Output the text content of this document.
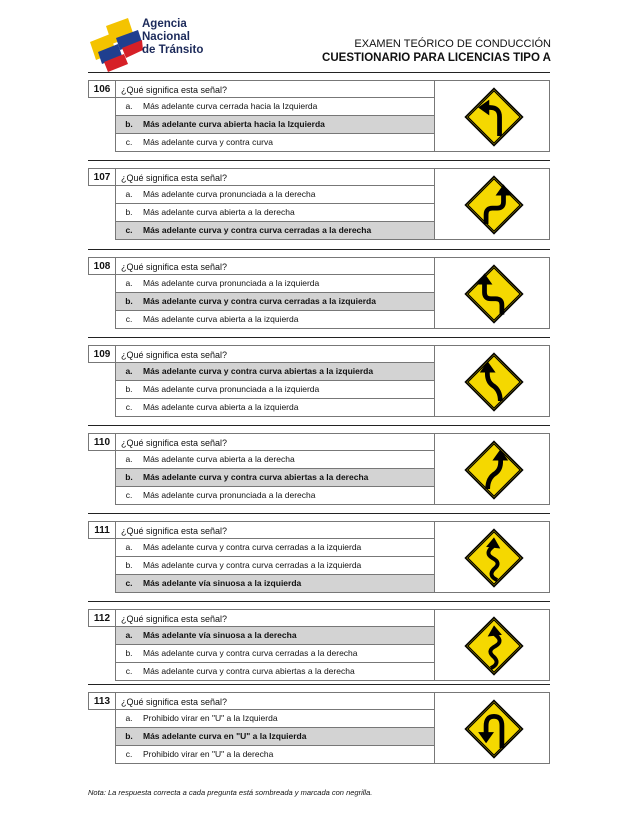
Agencia
Nacional
de Tránsito	EXAMEN TEÓRICO DE CONDUCCIÓN
CUESTIONARIO PARA LICENCIAS TIPO A
106	¿Qué significa esta señal?
a.	Más adelante curva cerrada hacia la Izquierda
b.	Más adelante curva abierta hacia la Izquierda
c.	Más adelante curva y contra curva
107	¿Qué significa esta señal?
a.	Más adelante curva pronunciada a la derecha
b.	Más adelante curva abierta a la derecha
c.	Más adelante curva y contra curva cerradas a la derecha
108	¿Qué significa esta señal?
a.	Más adelante curva pronunciada a la izquierda
b.	Más adelante curva y contra curva cerradas a la izquierda
c.	Más adelante curva abierta a la izquierda
109	¿Qué significa esta señal?
a.	Más adelante curva y contra curva abiertas a la izquierda
b.	Más adelante curva pronunciada a la izquierda
c.	Más adelante curva abierta a la izquierda
110	¿Qué significa esta señal?
a.	Más adelante curva abierta a la derecha
b.	Más adelante curva y contra curva abiertas a la derecha
c.	Más adelante curva pronunciada a la derecha
111	¿Qué significa esta señal?
a.	Más adelante curva y contra curva cerradas a la izquierda
b.	Más adelante curva y contra curva cerradas a la izquierda
c.	Más adelante vía sinuosa a la izquierda
112	¿Qué significa esta señal?
a.	Más adelante vía sinuosa a la derecha
b.	Más adelante curva y contra curva cerradas a la derecha
c.	Más adelante curva y contra curva abiertas a la derecha
113	¿Qué significa esta señal?
a.	Prohibido virar en "U" a la Izquierda
b.	Más adelante curva en "U" a la Izquierda
c.	Prohibido virar en "U" a la derecha
Nota: La respuesta correcta a cada pregunta está sombreada y marcada con negrilla.
